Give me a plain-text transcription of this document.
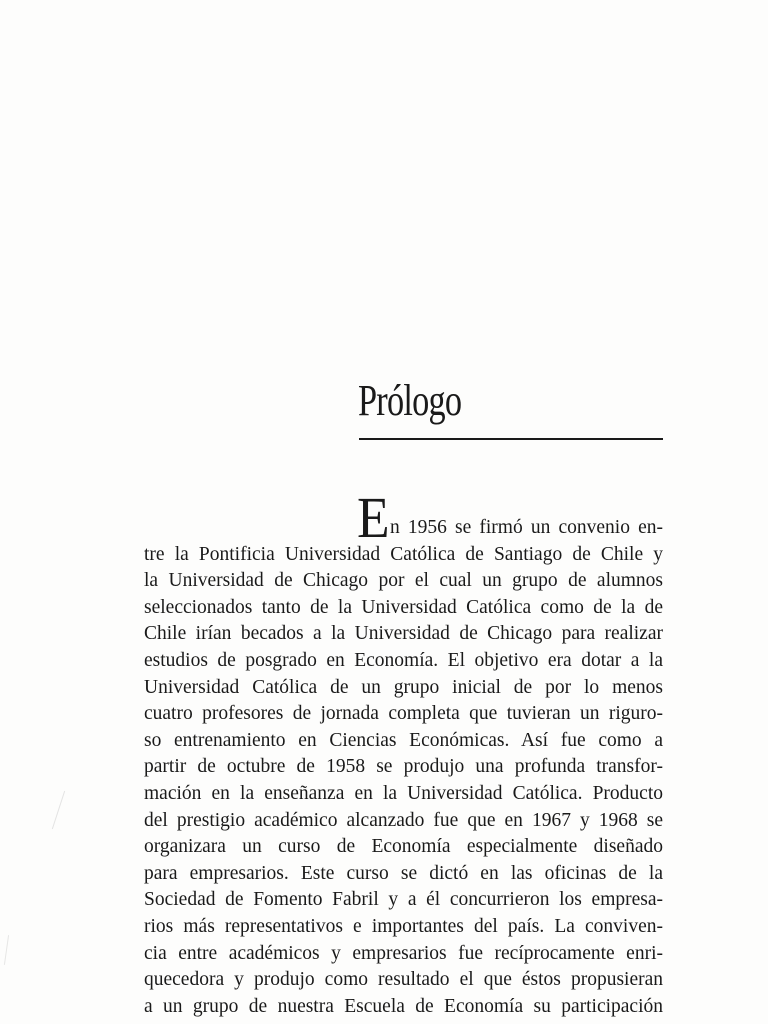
Prólogo
E n 1956 se firmó un convenio en-
tre la Pontificia Universidad Católica de Santiago de Chile y
la Universidad de Chicago por el cual un grupo de alumnos
seleccionados tanto de la Universidad Católica como de la de
Chile irían becados a la Universidad de Chicago para realizar
estudios de posgrado en Economía. El objetivo era dotar a la
Universidad Católica de un grupo inicial de por lo menos
cuatro profesores de jornada completa que tuvieran un riguro-
so entrenamiento en Ciencias Económicas. Así fue como a
partir de octubre de 1958 se produjo una profunda transfor-
mación en la enseñanza en la Universidad Católica. Producto
del prestigio académico alcanzado fue que en 1967 y 1968 se
organizara un curso de Economía especialmente diseñado
para empresarios. Este curso se dictó en las oficinas de la
Sociedad de Fomento Fabril y a él concurrieron los empresa-
rios más representativos e importantes del país. La conviven-
cia entre académicos y empresarios fue recíprocamente enri-
quecedora y produjo como resultado el que éstos propusieran
a un grupo de nuestra Escuela de Economía su participación
